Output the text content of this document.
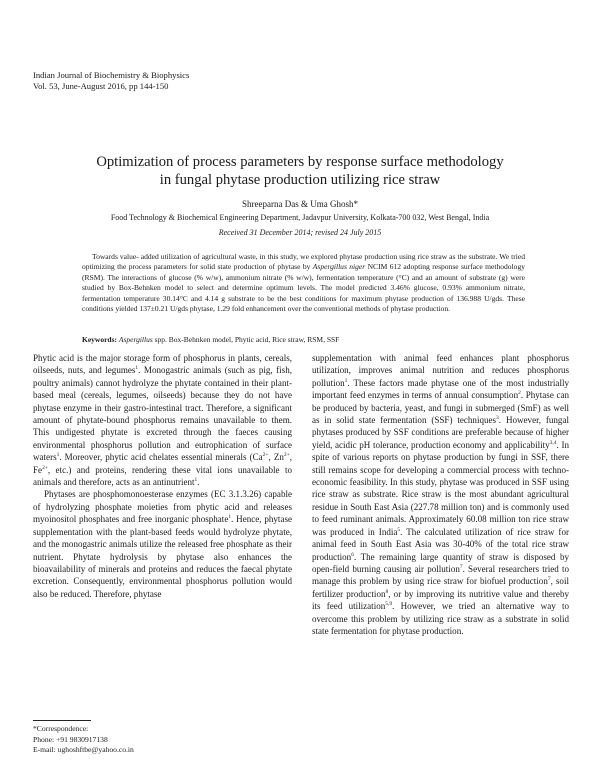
Indian Journal of Biochemistry & Biophysics
Vol. 53, June-August 2016, pp 144-150
Optimization of process parameters by response surface methodology
in fungal phytase production utilizing rice straw
Shreeparna Das & Uma Ghosh*
Food Technology & Biochemical Engineering Department, Jadavpur University, Kolkata-700 032, West Bengal, India
Received 31 December 2014; revised 24 July 2015

Towards value- added utilization of agricultural waste, in this study, we explored phytase production using rice straw as the substrate. We tried optimizing the process parameters for solid state production of phytase by Aspergillus niger NCIM 612 adopting response surface methodology (RSM). The interactions of glucose (% w/w), ammonium nitrate (% w/w), fermentation temperature (°C) and an amount of substrate (g) were studied by Box-Behnken model to select and determine optimum levels. The model predicted 3.46% glucose, 0.93% ammonium nitrate, fermentation temperature 30.14°C and 4.14 g substrate to be the best conditions for maximum phytase production of 136.988 U/gds. These conditions yielded 137±0.21 U/gds phytase, 1.29 fold enhancement over the conventional methods of phytase production.

Keywords: Aspergillus spp. Box-Behnken model, Phytic acid, Rice straw, RSM, SSF

Phytic acid is the major storage form of phosphorus in plants, cereals, oilseeds, nuts, and legumes$^1$. Monogastric animals (such as pig, fish, poultry animals) cannot hydrolyze the phytate contained in their plant-based meal (cereals, legumes, oilseeds) because they do not have phytase enzyme in their gastro-intestinal tract. Therefore, a significant amount of phytate-bound phosphorus remains unavailable to them. This undigested phytate is excreted through the faeces causing environmental phosphorus pollution and eutrophication of surface waters$^1$. Moreover, phytic acid chelates essential minerals ($Ca^{2+}$, $Zn^{2+}$, $Fe^{2+}$, etc.) and proteins, rendering these vital ions unavailable to animals and therefore, acts as an antinutrient$^1$.

Phytases are phosphomonoesterase enzymes (EC 3.1.3.26) capable of hydrolyzing phosphate moieties from phytic acid and releases myoinositol phosphates and free inorganic phosphate$^1$. Hence, phytase supplementation with the plant-based feeds would hydrolyze phytate, and the monogastric animals utilize the released free phosphate as their nutrient. Phytate hydrolysis by phytase also enhances the bioavailability of minerals and proteins and reduces the faecal phytate excretion. Consequently, environmental phosphorus pollution would also be reduced. Therefore, phytase

supplementation with animal feed enhances plant phosphorus utilization, improves animal nutrition and reduces phosphorus pollution$^1$. These factors made phytase one of the most industrially important feed enzymes in terms of annual consumption$^2$. Phytase can be produced by bacteria, yeast, and fungi in submerged (SmF) as well as in solid state fermentation (SSF) techniques$^3$. However, fungal phytases produced by SSF conditions are preferable because of higher yield, acidic pH tolerance, production economy and applicability$^{3,4}$. In spite of various reports on phytase production by fungi in SSF, there still remains scope for developing a commercial process with techno-economic feasibility. In this study, phytase was produced in SSF using rice straw as substrate. Rice straw is the most abundant agricultural residue in South East Asia (227.78 million ton) and is commonly used to feed ruminant animals. Approximately 60.08 million ton rice straw was produced in India$^5$. The calculated utilization of rice straw for animal feed in South East Asia was 30-40% of the total rice straw production$^6$. The remaining large quantity of straw is disposed by open-field burning causing air pollution$^7$. Several researchers tried to manage this problem by using rice straw for biofuel production$^7$, soil fertilizer production$^8$, or by improving its nutritive value and thereby its feed utilization$^{5,9}$. However, we tried an alternative way to overcome this problem by utilizing rice straw as a substrate in solid state fermentation for phytase production.

*Correspondence:
Phone: +91 9830917138
E-mail: ughoshftbe@yahoo.co.in
